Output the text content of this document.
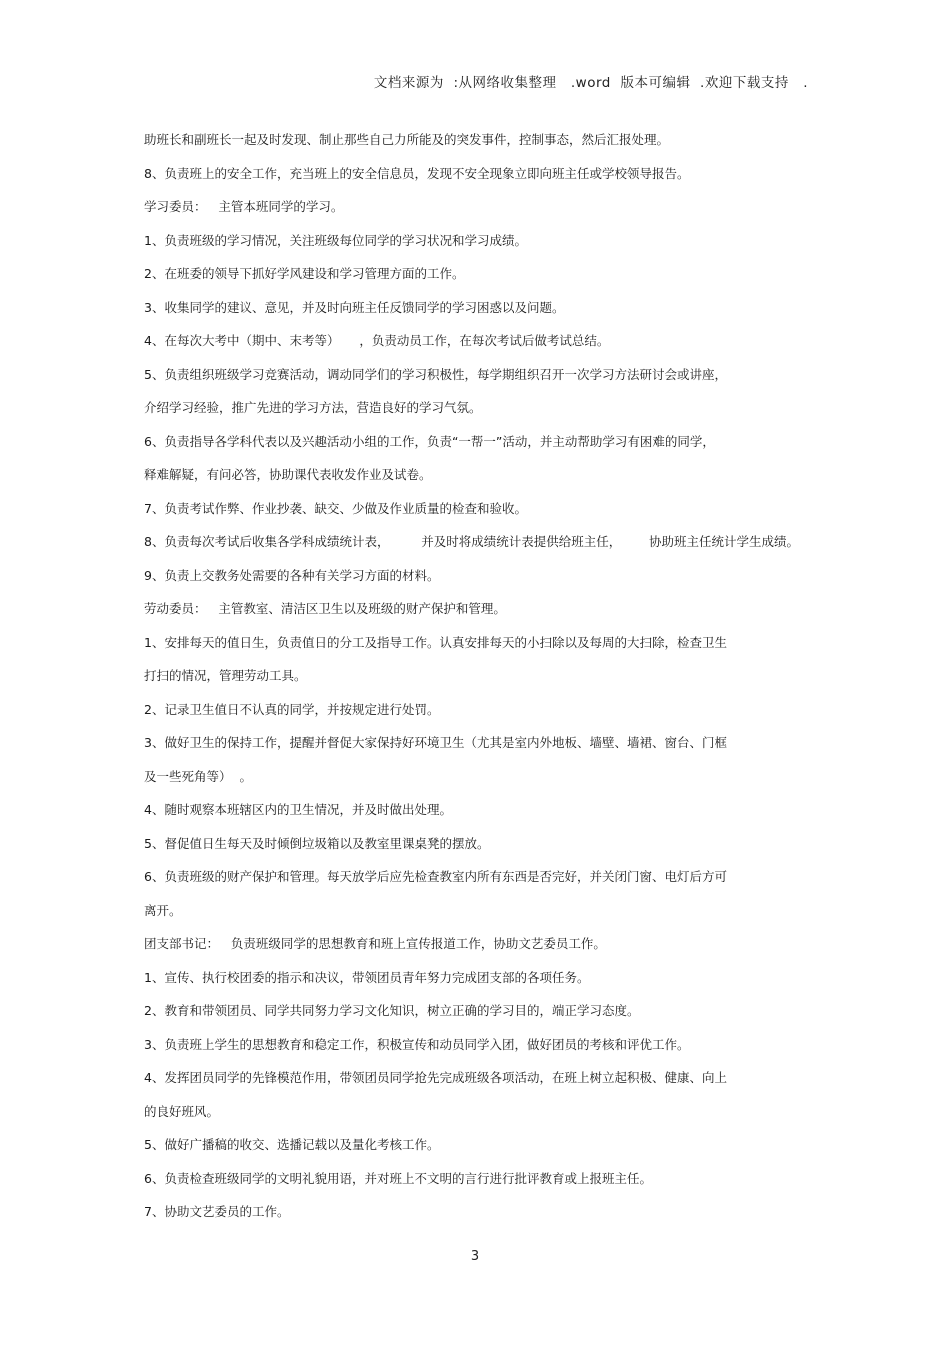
文档来源为  :从网络收集整理   .word  版本可编辑  .欢迎下载支持   .
助班长和副班长一起及时发现、制止那些自己力所能及的突发事件，控制事态，然后汇报处理。
8、负责班上的安全工作，充当班上的安全信息员，发现不安全现象立即向班主任或学校领导报告。
学习委员：   主管本班同学的学习。
1、负责班级的学习情况，关注班级每位同学的学习状况和学习成绩。
2、在班委的领导下抓好学风建设和学习管理方面的工作。
3、收集同学的建议、意见，并及时向班主任反馈同学的学习困惑以及问题。
4、在每次大考中（期中、末考等）     ，负责动员工作，在每次考试后做考试总结。
5、负责组织班级学习竞赛活动，调动同学们的学习积极性，每学期组织召开一次学习方法研讨会或讲座，
介绍学习经验，推广先进的学习方法，营造良好的学习气氛。
6、负责指导各学科代表以及兴趣活动小组的工作，负责“一帮一”活动，并主动帮助学习有困难的同学，
释难解疑，有问必答，协助课代表收发作业及试卷。
7、负责考试作弊、作业抄袭、缺交、少做及作业质量的检查和验收。
8、负责每次考试后收集各学科成绩统计表，        并及时将成绩统计表提供给班主任，       协助班主任统计学生成绩。
9、负责上交教务处需要的各种有关学习方面的材料。
劳动委员：   主管教室、清洁区卫生以及班级的财产保护和管理。
1、安排每天的值日生，负责值日的分工及指导工作。认真安排每天的小扫除以及每周的大扫除，检查卫生
打扫的情况，管理劳动工具。
2、记录卫生值日不认真的同学，并按规定进行处罚。
3、做好卫生的保持工作，提醒并督促大家保持好环境卫生（尤其是室内外地板、墙壁、墙裙、窗台、门框
及一些死角等）  。
4、随时观察本班辖区内的卫生情况，并及时做出处理。
5、督促值日生每天及时倾倒垃圾箱以及教室里课桌凳的摆放。
6、负责班级的财产保护和管理。每天放学后应先检查教室内所有东西是否完好，并关闭门窗、电灯后方可
离开。
团支部书记：   负责班级同学的思想教育和班上宣传报道工作，协助文艺委员工作。
1、宣传、执行校团委的指示和决议，带领团员青年努力完成团支部的各项任务。
2、教育和带领团员、同学共同努力学习文化知识，树立正确的学习目的，端正学习态度。
3、负责班上学生的思想教育和稳定工作，积极宣传和动员同学入团，做好团员的考核和评优工作。
4、发挥团员同学的先锋模范作用，带领团员同学抢先完成班级各项活动，在班上树立起积极、健康、向上
的良好班风。
5、做好广播稿的收交、选播记载以及量化考核工作。
6、负责检查班级同学的文明礼貌用语，并对班上不文明的言行进行批评教育或上报班主任。
7、协助文艺委员的工作。
3
